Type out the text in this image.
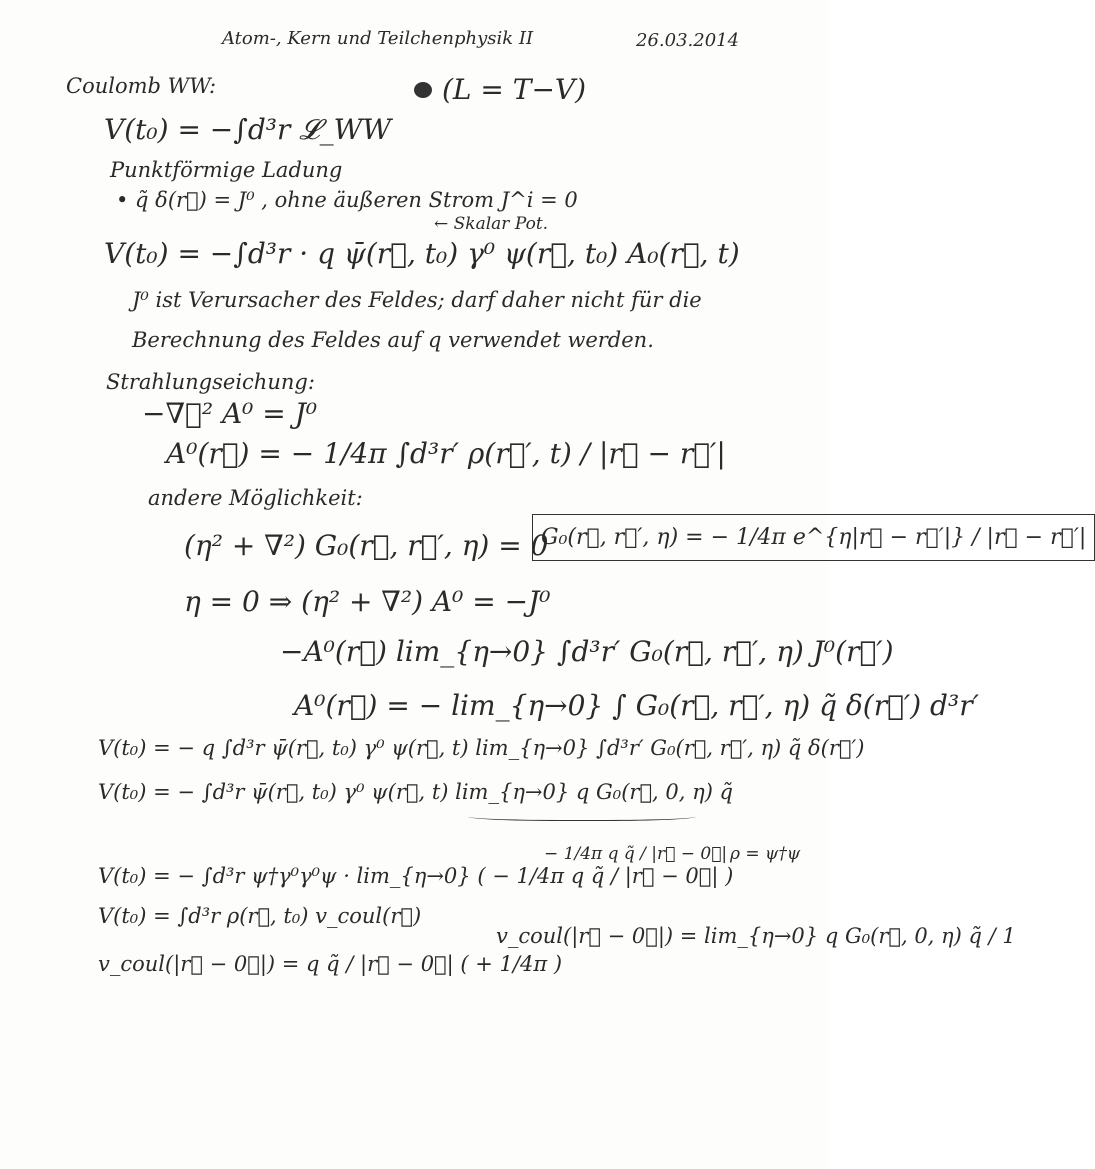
Atom-, Kern und Teilchenphysik II	26.03.2014
Coulomb WW:	(L = T−V)
V(t₀) = −∫d³r 𝓛_WW
Punktförmige Ladung
• q̃ δ(r⃗) = J⁰ , ohne äußeren Strom J^i = 0
← Skalar Pot.
V(t₀) = −∫d³r · q ψ̄(r⃗, t₀) γ⁰ ψ(r⃗, t₀) A₀(r⃗, t)
J⁰ ist Verursacher des Feldes; darf daher nicht für die
Berechnung des Feldes auf q verwendet werden.
Strahlungseichung:
−∇⃗² A⁰ = J⁰
A⁰(r⃗) = − 1/4π ∫d³r′ ρ(r⃗′, t) / |r⃗ − r⃗′|
andere Möglichkeit:
(η² + ∇²) G₀(r⃗, r⃗′, η) = 0
G₀(r⃗, r⃗′, η) = − 1/4π e^{η|r⃗ − r⃗′|} / |r⃗ − r⃗′|
η = 0 ⇒ (η² + ∇²) A⁰ = −J⁰
−A⁰(r⃗) lim_{η→0} ∫d³r′ G₀(r⃗, r⃗′, η) J⁰(r⃗′)
A⁰(r⃗) = − lim_{η→0} ∫ G₀(r⃗, r⃗′, η) q̃ δ(r⃗′) d³r′
V(t₀) = − q ∫d³r ψ̄(r⃗, t₀) γ⁰ ψ(r⃗, t) lim_{η→0} ∫d³r′ G₀(r⃗, r⃗′, η) q̃ δ(r⃗′)
V(t₀) = − ∫d³r ψ̄(r⃗, t₀) γ⁰ ψ(r⃗, t) lim_{η→0} q G₀(r⃗, 0, η) q̃
− 1/4π q q̃ / |r⃗ − 0⃗| ρ = ψ†ψ
V(t₀) = − ∫d³r ψ†γ⁰γ⁰ψ · lim_{η→0} ( − 1/4π q q̃ / |r⃗ − 0⃗| )
V(t₀) = ∫d³r ρ(r⃗, t₀) v_coul(r⃗)
v_coul(|r⃗ − 0⃗|) = lim_{η→0} q G₀(r⃗, 0, η) q̃ / 1
v_coul(|r⃗ − 0⃗|) = q q̃ / |r⃗ − 0⃗| ( + 1/4π )
